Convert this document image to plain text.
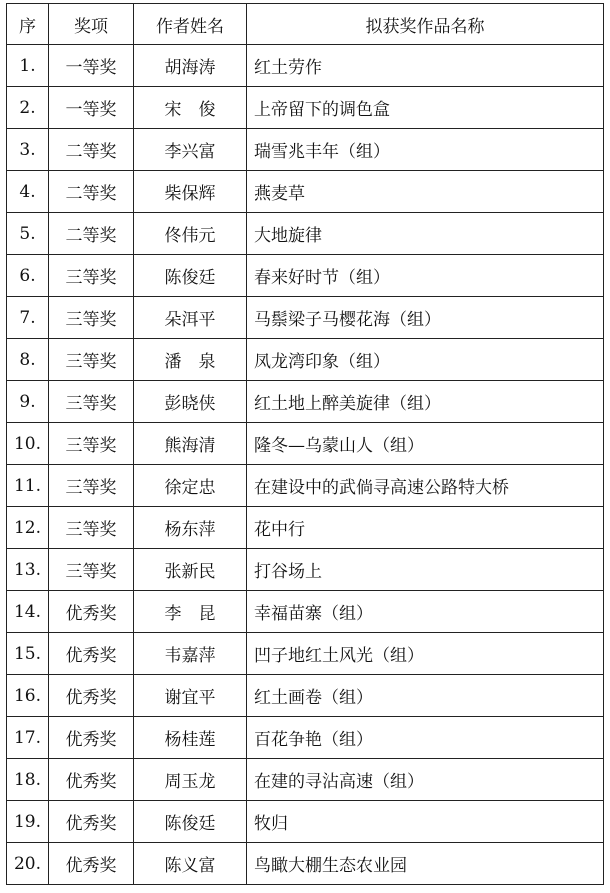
序	奖项	作者姓名	拟获奖作品名称
1.	一等奖	胡海涛	红土劳作
2.	一等奖	宋　俊	上帝留下的调色盒
3.	二等奖	李兴富	瑞雪兆丰年（组）
4.	二等奖	柴保辉	燕麦草
5.	二等奖	佟伟元	大地旋律
6.	三等奖	陈俊廷	春来好时节（组）
7.	三等奖	朵洱平	马鬃梁子马樱花海（组）
8.	三等奖	潘　泉	凤龙湾印象（组）
9.	三等奖	彭晓侠	红土地上醉美旋律（组）
10.	三等奖	熊海清	隆冬—乌蒙山人（组）
11.	三等奖	徐定忠	在建设中的武倘寻高速公路特大桥
12.	三等奖	杨东萍	花中行
13.	三等奖	张新民	打谷场上
14.	优秀奖	李　昆	幸福苗寨（组）
15.	优秀奖	韦嘉萍	凹子地红土风光（组）
16.	优秀奖	谢宜平	红土画卷（组）
17.	优秀奖	杨桂莲	百花争艳（组）
18.	优秀奖	周玉龙	在建的寻沾高速（组）
19.	优秀奖	陈俊廷	牧归
20.	优秀奖	陈义富	鸟瞰大棚生态农业园
